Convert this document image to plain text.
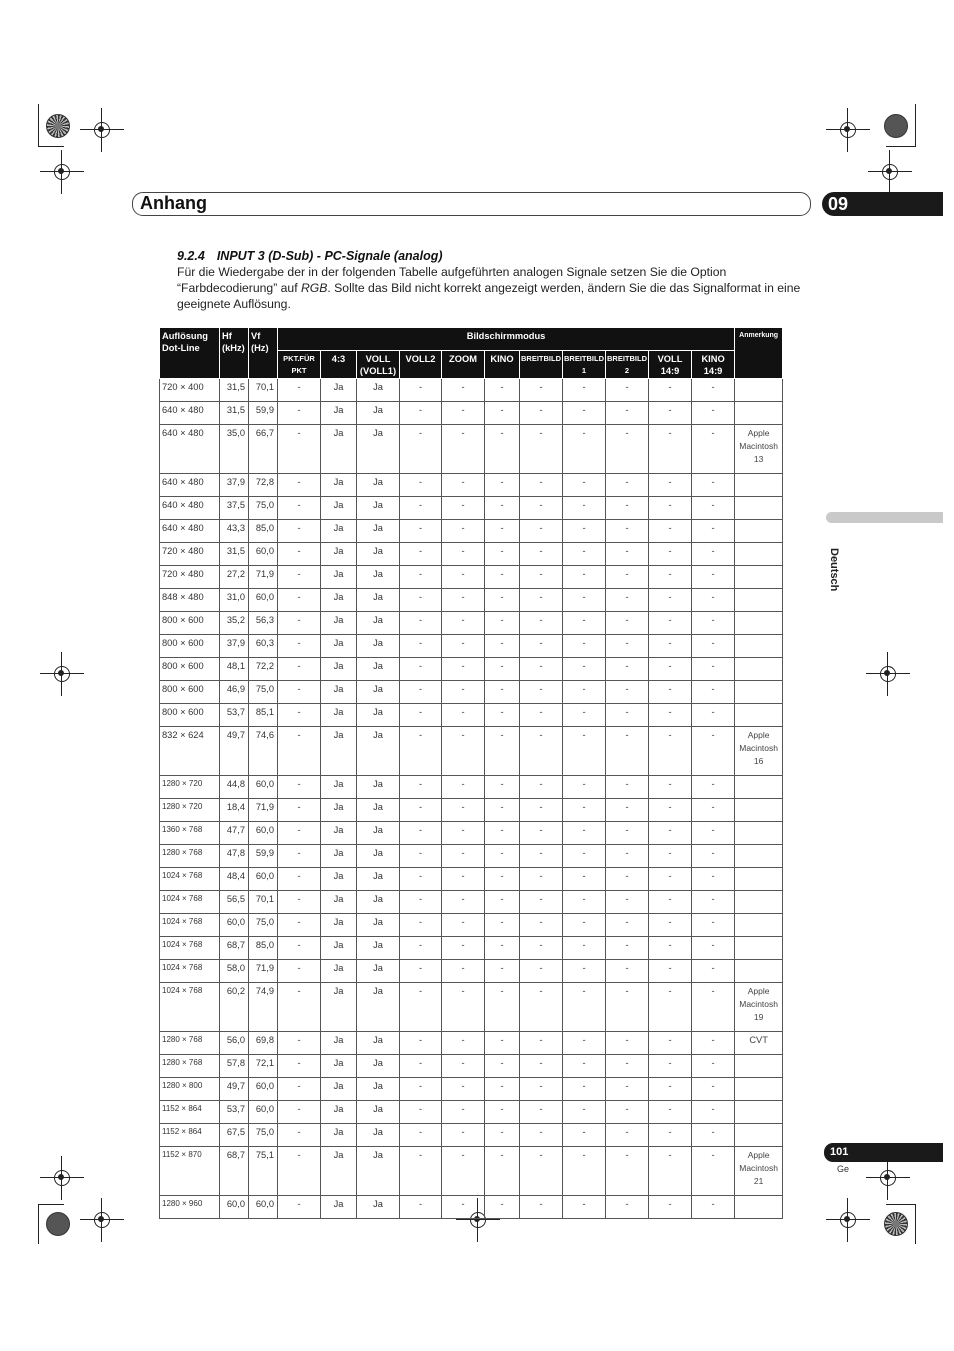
Anhang	09
Deutsch
9.2.4 INPUT 3 (D-Sub) - PC-Signale (analog)
Für die Wiedergabe der in der folgenden Tabelle aufgeführten analogen Signale setzen Sie die Option “Farbdecodierung” auf RGB. Sollte das Bild nicht korrekt angezeigt werden, ändern Sie die das Signalformat in eine geeignete Auflösung.
Auflösung Dot-Line	Hf (kHz)	Vf (Hz)	Bildschirmmodus											Anmerkung
			PKT.FÜR PKT	4:3	VOLL (VOLL1)	VOLL2	ZOOM	KINO	BREITBILD	BREITBILD 1	BREITBILD 2	VOLL 14:9	KINO 14:9	
720 × 400	31,5	70,1	-	Ja	Ja	-	-	-	-	-	-	-	-	
640 × 480	31,5	59,9	-	Ja	Ja	-	-	-	-	-	-	-	-	
640 × 480	35,0	66,7	-	Ja	Ja	-	-	-	-	-	-	-	-	Apple
Macintosh
13

640 × 480	37,9	72,8	-	Ja	Ja	-	-	-	-	-	-	-	-	
640 × 480	37,5	75,0	-	Ja	Ja	-	-	-	-	-	-	-	-	
640 × 480	43,3	85,0	-	Ja	Ja	-	-	-	-	-	-	-	-	
720 × 480	31,5	60,0	-	Ja	Ja	-	-	-	-	-	-	-	-	
720 × 480	27,2	71,9	-	Ja	Ja	-	-	-	-	-	-	-	-	
848 × 480	31,0	60,0	-	Ja	Ja	-	-	-	-	-	-	-	-	
800 × 600	35,2	56,3	-	Ja	Ja	-	-	-	-	-	-	-	-	
800 × 600	37,9	60,3	-	Ja	Ja	-	-	-	-	-	-	-	-	
800 × 600	48,1	72,2	-	Ja	Ja	-	-	-	-	-	-	-	-	
800 × 600	46,9	75,0	-	Ja	Ja	-	-	-	-	-	-	-	-	
800 × 600	53,7	85,1	-	Ja	Ja	-	-	-	-	-	-	-	-	
832 × 624	49,7	74,6	-	Ja	Ja	-	-	-	-	-	-	-	-	Apple
Macintosh
16

1280 × 720	44,8	60,0	-	Ja	Ja	-	-	-	-	-	-	-	-	
1280 × 720	18,4	71,9	-	Ja	Ja	-	-	-	-	-	-	-	-	
1360 × 768	47,7	60,0	-	Ja	Ja	-	-	-	-	-	-	-	-	
1280 × 768	47,8	59,9	-	Ja	Ja	-	-	-	-	-	-	-	-	
1024 × 768	48,4	60,0	-	Ja	Ja	-	-	-	-	-	-	-	-	
1024 × 768	56,5	70,1	-	Ja	Ja	-	-	-	-	-	-	-	-	
1024 × 768	60,0	75,0	-	Ja	Ja	-	-	-	-	-	-	-	-	
1024 × 768	68,7	85,0	-	Ja	Ja	-	-	-	-	-	-	-	-	
1024 × 768	58,0	71,9	-	Ja	Ja	-	-	-	-	-	-	-	-	
1024 × 768	60,2	74,9	-	Ja	Ja	-	-	-	-	-	-	-	-	Apple
Macintosh
19

1280 × 768	56,0	69,8	-	Ja	Ja	-	-	-	-	-	-	-	-	CVT
1280 × 768	57,8	72,1	-	Ja	Ja	-	-	-	-	-	-	-	-	
1280 × 800	49,7	60,0	-	Ja	Ja	-	-	-	-	-	-	-	-	
1152 × 864	53,7	60,0	-	Ja	Ja	-	-	-	-	-	-	-	-	
1152 × 864	67,5	75,0	-	Ja	Ja	-	-	-	-	-	-	-	-	
1152 × 870	68,7	75,1	-	Ja	Ja	-	-	-	-	-	-	-	-	Apple
Macintosh
21

1280 × 960	60,0	60,0	-	Ja	Ja	-	-	-	-	-	-	-	-	
101
Ge
